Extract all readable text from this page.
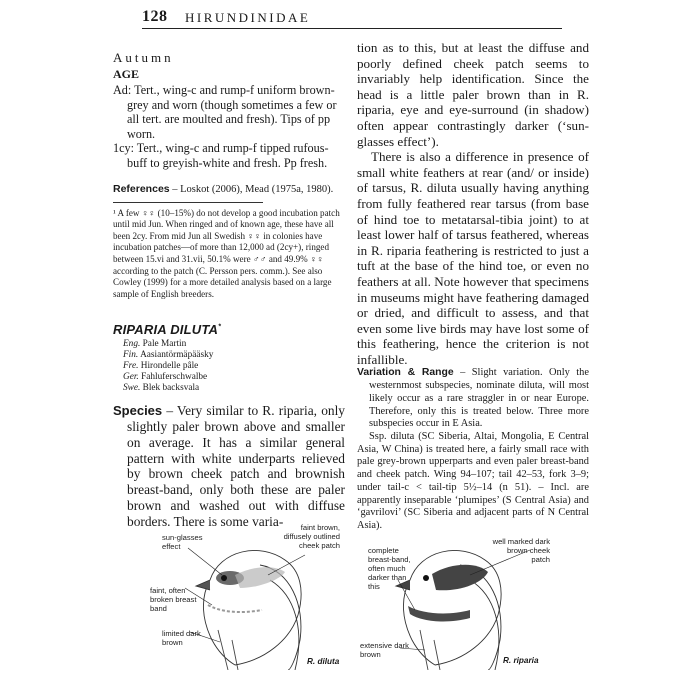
128 HIRUNDINIDAE
Autumn
AGE

Ad: Tert., wing-c and rump-f uniform brown-grey and worn (though sometimes a few or all tert. are moulted and fresh). Tips of pp worn.

1cy: Tert., wing-c and rump-f tipped rufous-buff to greyish-white and fresh. Pp fresh.

References – Loskot (2006), Mead (1975a, 1980).

¹ A few ♀♀ (10–15%) do not develop a good incubation patch until mid Jun. When ringed and of known age, these have all been 2cy. From mid Jun all Swedish ♀♀ in colonies have incubation patches—of more than 12,000 ad (2cy+), ringed between 15.vi and 31.vii, 50.1% were ♂♂ and 49.9% ♀♀ according to the patch (C. Persson pers. comm.). See also Cowley (1999) for a more detailed analysis based on a large sample of English breeders.

RIPARIA DILUTA*
Eng. Pale Martin
Fin. Aasiantörmäpääsky
Fre. Hirondelle pâle
Ger. Fahluferschwalbe
Swe. Blek backsvala

Species – Very similar to R. riparia, only slightly paler brown above and smaller on average. It has a similar general pattern with white underparts relieved by brown cheek patch and brownish breast-band, only both these are paler brown and washed out with diffuse borders. There is some varia-

tion as to this, but at least the diffuse and poorly defined cheek patch seems to invariably help identification. Since the head is a little paler brown than in R. riparia, eye and eye-surround (in shadow) often appear contrastingly darker (‘sun-glasses effect’).

There is also a difference in presence of small white feathers at rear (and/ or inside) of tarsus, R. diluta usually having anything from fully feathered rear tarsus (from base of hind toe to metatarsal-tibia joint) to at least lower half of tarsus feathered, whereas in R. riparia feathering is restricted to just a tuft at the base of the hind toe, or even no feathers at all. Note however that specimens in museums might have feathering damaged or dried, and difficult to assess, and that even some live birds may have lost some of this feathering, hence the criterion is not infallible.

Variation & Range – Slight variation. Only the westernmost subspecies, nominate diluta, will most likely occur as a rare straggler in or near Europe. Therefore, only this is treated below. Three more subspecies occur in E Asia.

Ssp. diluta (SC Siberia, Altai, Mongolia, E Central Asia, W China) is treated here, a fairly small race with pale grey-brown upperparts and even paler breast-band and cheek patch. Wing 94–107; tail 42–53, fork 3–9; under tail-c < tail-tip 5½–14 (n 51). – Incl. are apparently inseparable ‘plumipes’ (S Central Asia) and ‘gavrilovi’ (SC Siberia and adjacent parts of N Central Asia).

sun-glasses effect
faint brown, diffusely outlined cheek patch
faint, often broken breast band
limited dark brown
R. diluta
well marked dark brown cheek patch
complete breast-band, often much darker than this
extensive dark brown
R. riparia
